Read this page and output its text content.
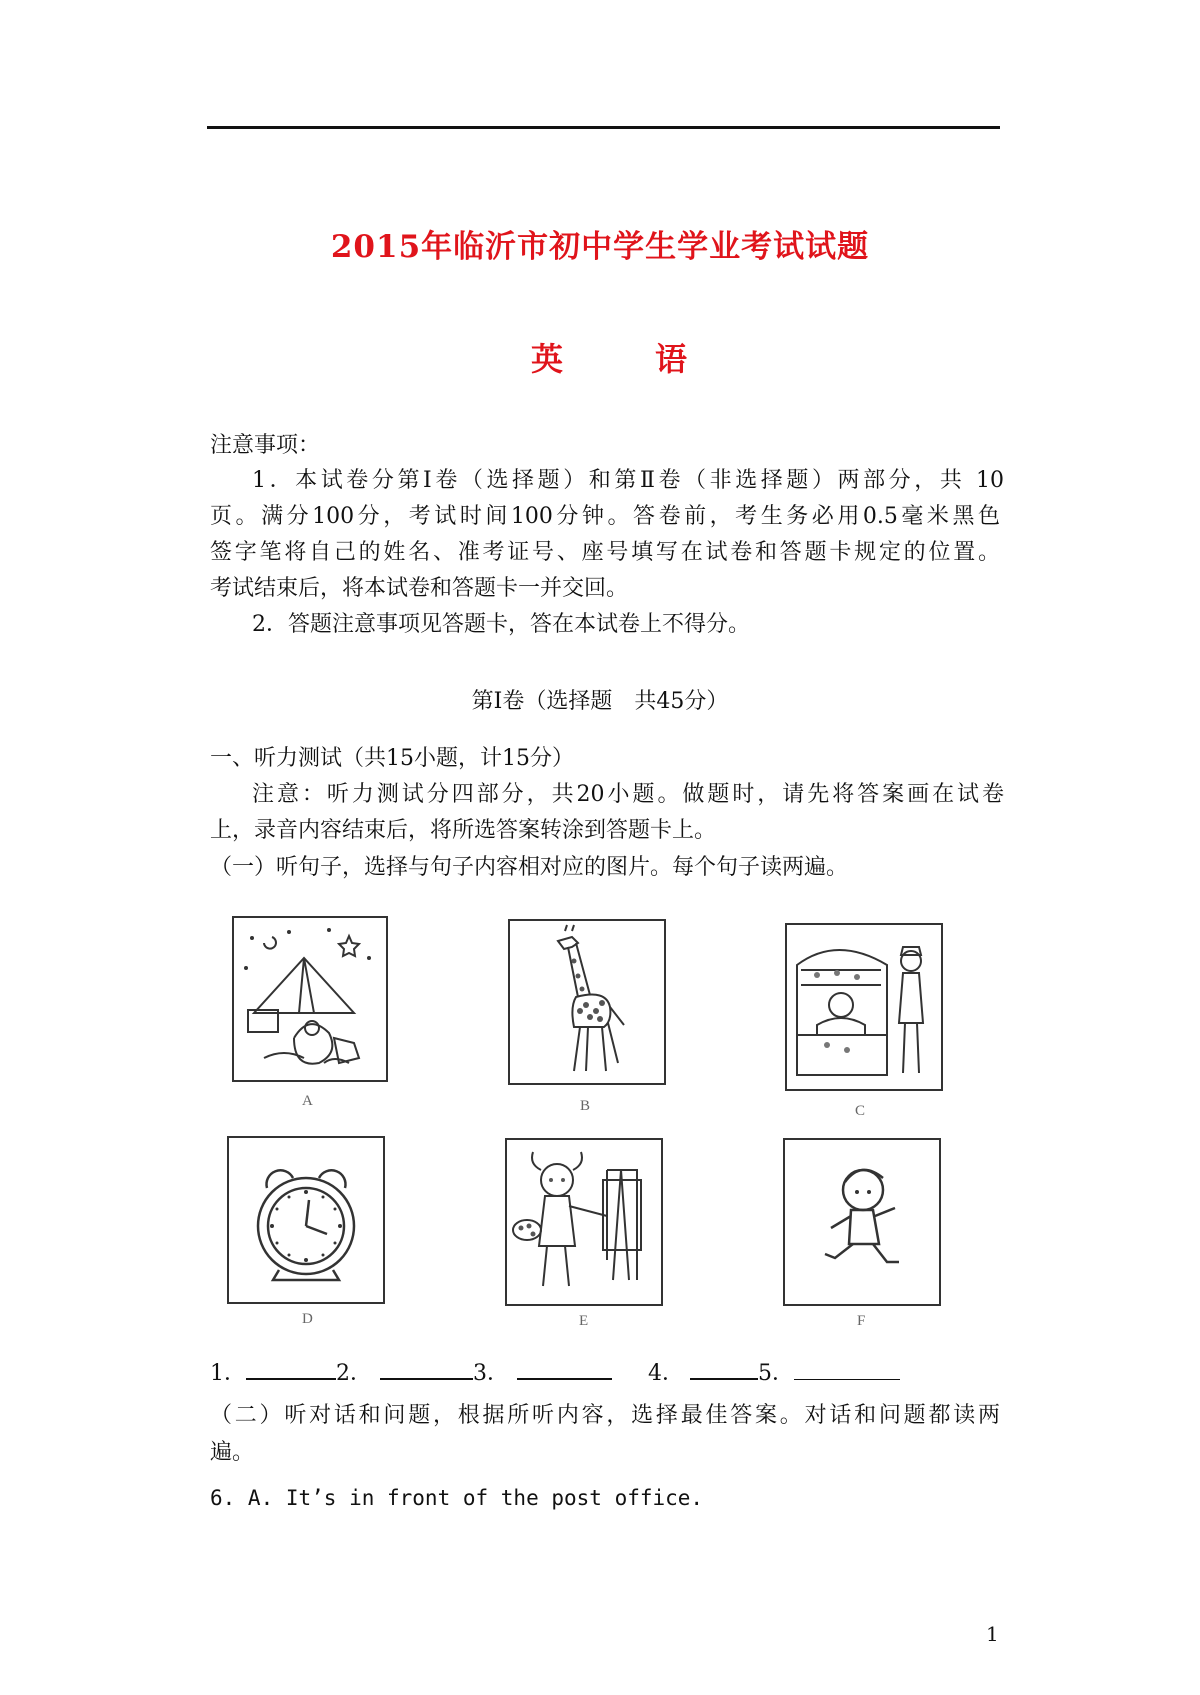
2015年临沂市初中学生学业考试试题
英　语
注意事项：
1．本试卷分第Ⅰ卷（选择题）和第Ⅱ卷（非选择题）两部分，共 10
页。满分100分，考试时间100分钟。答卷前，考生务必用0.5毫米黑色
签字笔将自己的姓名、准考证号、座号填写在试卷和答题卡规定的位置。
考试结束后，将本试卷和答题卡一并交回。
2．答题注意事项见答题卡，答在本试卷上不得分。
第Ⅰ卷（选择题　共45分）
一、听力测试（共15小题，计15分）
注意：听力测试分四部分，共20小题。做题时，请先将答案画在试卷
上，录音内容结束后，将所选答案转涂到答题卡上。
（一）听句子，选择与句子内容相对应的图片。每个句子读两遍。
A	B	C
D	E	F
1．	2．	3．	4．	5．
（二）听对话和问题，根据所听内容，选择最佳答案。对话和问题都读两
遍。
6. A. It’s in front of the post office.
1
